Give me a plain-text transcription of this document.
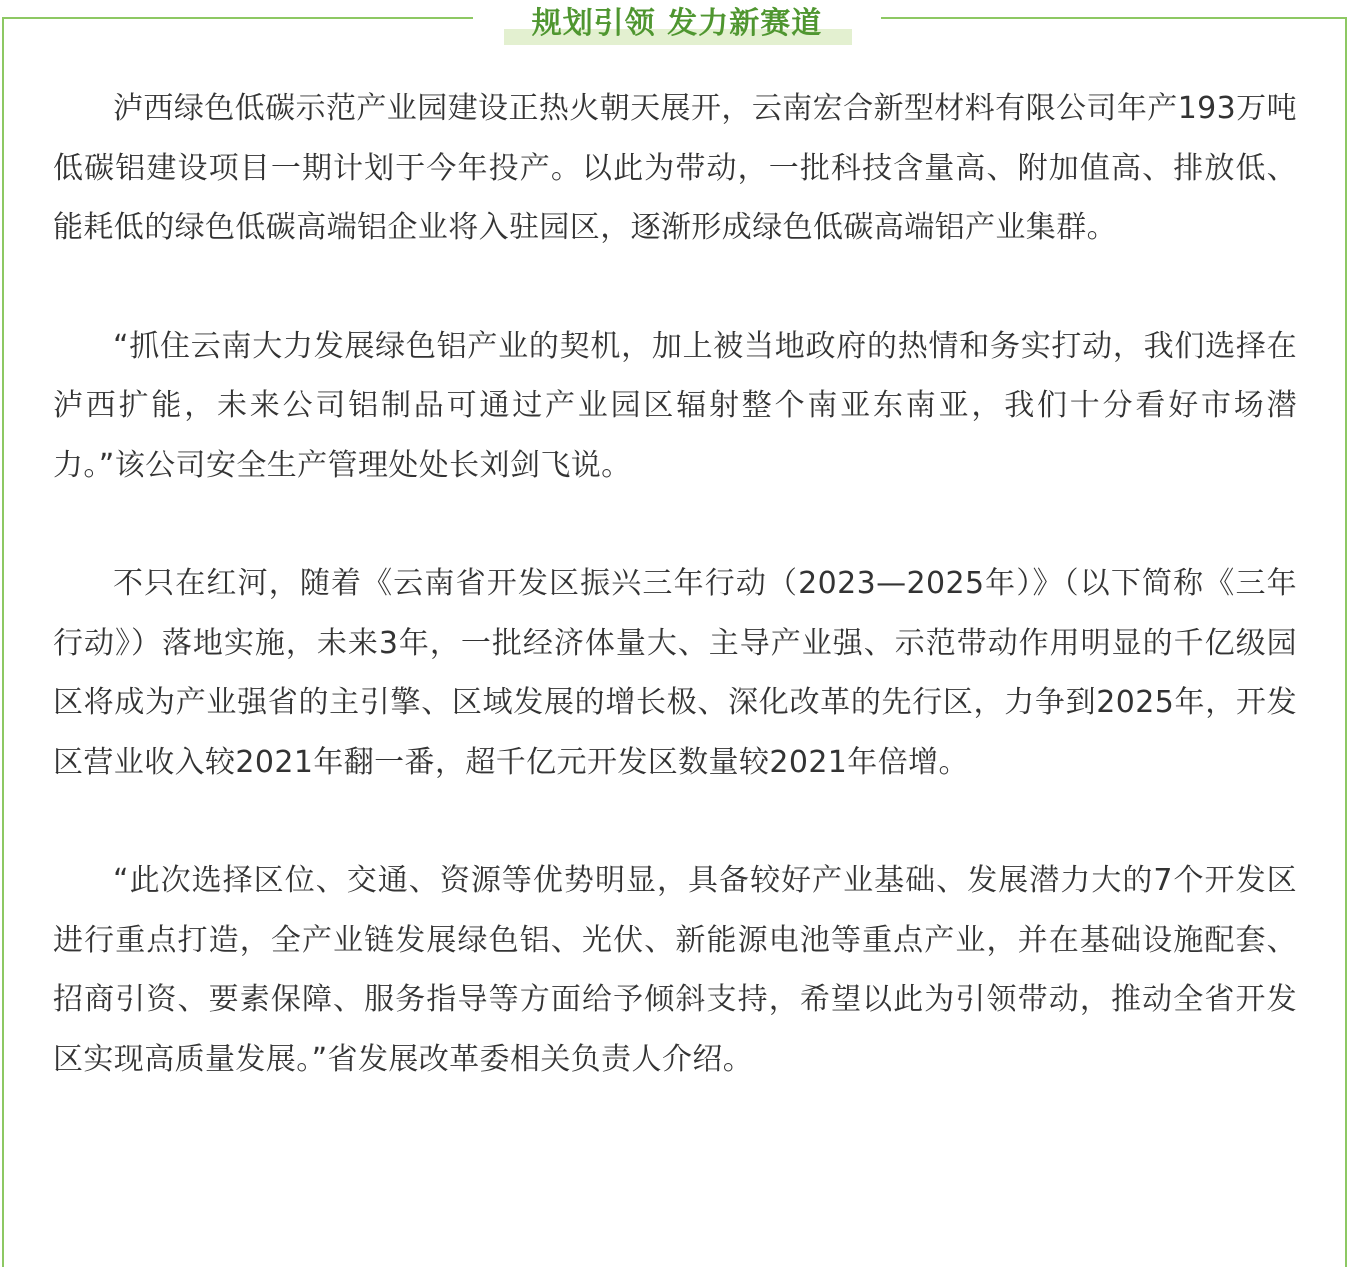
规划引领 发力新赛道

泸西绿色低碳示范产业园建设正热火朝天展开，云南宏合新型材料有限公司年产193万吨低碳铝建设项目一期计划于今年投产。以此为带动，一批科技含量高、附加值高、排放低、能耗低的绿色低碳高端铝企业将入驻园区，逐渐形成绿色低碳高端铝产业集群。

“抓住云南大力发展绿色铝产业的契机，加上被当地政府的热情和务实打动，我们选择在泸西扩能，未来公司铝制品可通过产业园区辐射整个南亚东南亚，我们十分看好市场潜力。”该公司安全生产管理处处长刘剑飞说。

不只在红河，随着《云南省开发区振兴三年行动（2023—2025年）》（以下简称《三年行动》）落地实施，未来3年，一批经济体量大、主导产业强、示范带动作用明显的千亿级园区将成为产业强省的主引擎、区域发展的增长极、深化改革的先行区，力争到2025年，开发区营业收入较2021年翻一番，超千亿元开发区数量较2021年倍增。

“此次选择区位、交通、资源等优势明显，具备较好产业基础、发展潜力大的7个开发区进行重点打造，全产业链发展绿色铝、光伏、新能源电池等重点产业，并在基础设施配套、招商引资、要素保障、服务指导等方面给予倾斜支持，希望以此为引领带动，推动全省开发区实现高质量发展。”省发展改革委相关负责人介绍。
